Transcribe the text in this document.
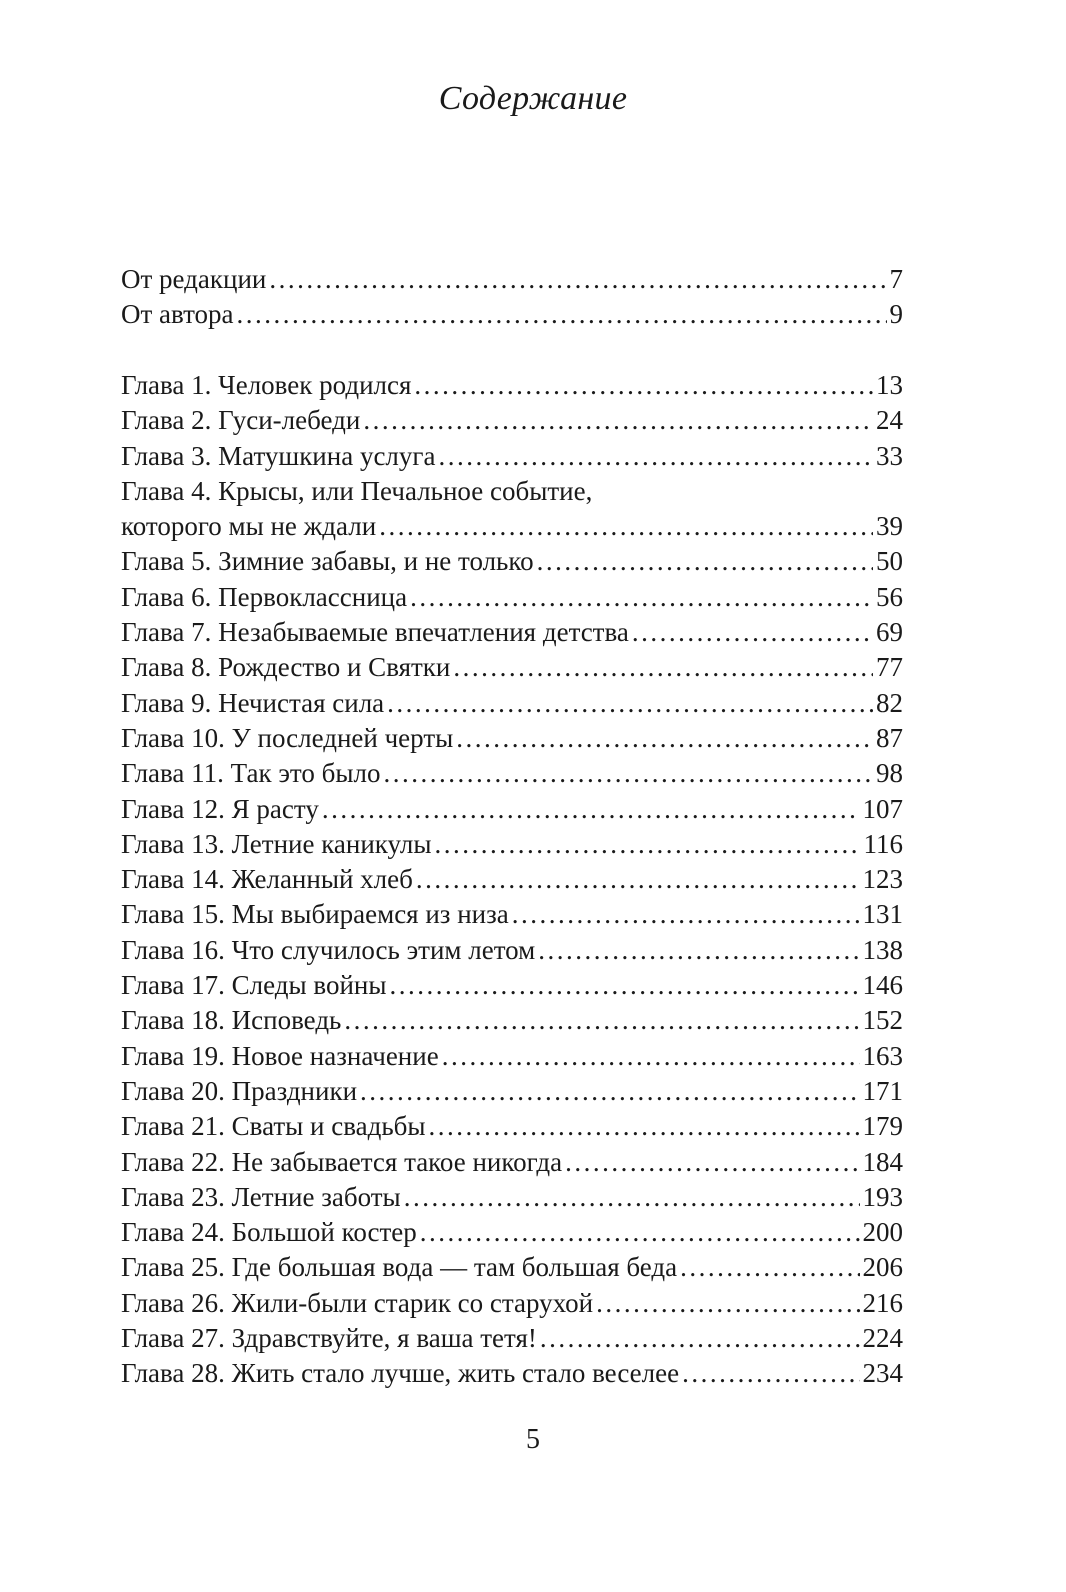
Содержание
От редакции .....	7
От автора .....	9
Глава 1. Человек родился .....	13
Глава 2. Гуси-лебеди .....	24
Глава 3. Матушкина услуга .....	33
Глава 4. Крысы, или Печальное событие,
которого мы не ждали .....	39
Глава 5. Зимние забавы, и не только .....	50
Глава 6. Первоклассница .....	56
Глава 7. Незабываемые впечатления детства .....	69
Глава 8. Рождество и Святки .....	77
Глава 9. Нечистая сила .....	82
Глава 10. У последней черты .....	87
Глава 11. Так это было .....	98
Глава 12. Я расту .....	107
Глава 13. Летние каникулы .....	116
Глава 14. Желанный хлеб .....	123
Глава 15. Мы выбираемся из низа .....	131
Глава 16. Что случилось этим летом .....	138
Глава 17. Следы войны .....	146
Глава 18. Исповедь .....	152
Глава 19. Новое назначение .....	163
Глава 20. Праздники .....	171
Глава 21. Сваты и свадьбы .....	179
Глава 22. Не забывается такое никогда .....	184
Глава 23. Летние заботы .....	193
Глава 24. Большой костер .....	200
Глава 25. Где большая вода — там большая беда .....	206
Глава 26. Жили-были старик со старухой .....	216
Глава 27. Здравствуйте, я ваша тетя! .....	224
Глава 28. Жить стало лучше, жить стало веселее .....	234
5
